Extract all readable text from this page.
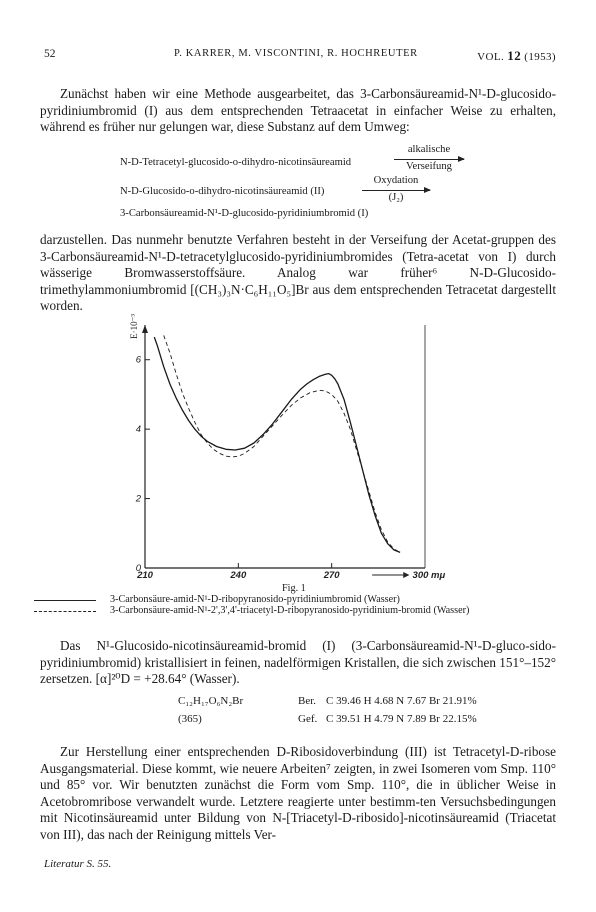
52	P. KARRER, M. VISCONTINI, R. HOCHREUTER	VOL. 12 (1953)

Zunächst haben wir eine Methode ausgearbeitet, das 3-Carbonsäureamid-N¹-D-glucosido-pyridiniumbromid (I) aus dem entsprechenden Tetraacetat in einfacher Weise zu erhalten, während es früher nur gelungen war, diese Substanz auf dem Umweg:

N-D-Tetracetyl-glucosido-o-dihydro-nicotinsäureamid
alkalische
Verseifung
N-D-Glucosido-o-dihydro-nicotinsäureamid (II)
Oxydation
(J₂)
3-Carbonsäureamid-N¹-D-glucosido-pyridiniumbromid (I)

darzustellen. Das nunmehr benutzte Verfahren besteht in der Verseifung der Acetat-gruppen des 3-Carbonsäureamid-N¹-D-tetracetylglucosido-pyridiniumbromides (Tetra-acetat von I) durch wässerige Bromwasserstoffsäure. Analog war früher⁶ N-D-Glucosido-trimethylammoniumbromid [(CH₃)₃N·C₆H₁₁O₅]Br aus dem entsprechenden Tetracetat dargestellt worden.

E·10⁻³
0
2
4
6
210	240	270	300 mμ
Fig. 1
3-Carbonsäure-amid-N¹-D-ribopyranosido-pyridiniumbromid (Wasser)
3-Carbonsäure-amid-N¹-2',3',4'-triacetyl-D-ribopyranosido-pyridinium-bromid (Wasser)

Das N¹-Glucosido-nicotinsäureamid-bromid (I) (3-Carbonsäureamid-N¹-D-gluco-sido-pyridiniumbromid) kristallisiert in feinen, nadelförmigen Kristallen, die sich zwischen 151°–152° zersetzen. [α]²⁰D = +28.64° (Wasser).

C₁₂H₁₇O₆N₂Br	Ber. C 39.46 H 4.68 N 7.67 Br 21.91%
(365)	Gef. C 39.51 H 4.79 N 7.89 Br 22.15%

Zur Herstellung einer entsprechenden D-Ribosidoverbindung (III) ist Tetracetyl-D-ribose Ausgangsmaterial. Diese kommt, wie neuere Arbeiten⁷ zeigten, in zwei Isomeren vom Smp. 110° und 85° vor. Wir benutzten zunächst die Form vom Smp. 110°, die in üblicher Weise in Acetobromribose verwandelt wurde. Letztere reagierte unter bestimm-ten Versuchsbedingungen mit Nicotinsäureamid unter Bildung von N-[Triacetyl-D-ribosido]-nicotinsäureamid (Triacetat von III), das nach der Reinigung mittels Ver-

Literatur S. 55.
